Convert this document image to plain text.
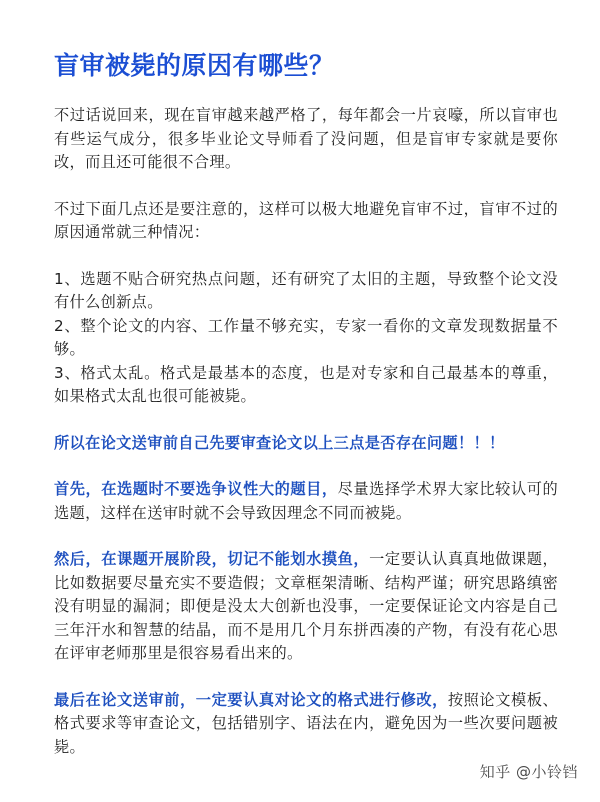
盲审被毙的原因有哪些？

不过话说回来，现在盲审越来越严格了，每年都会一片哀嚎，所以盲审也有些运气成分，很多毕业论文导师看了没问题，但是盲审专家就是要你改，而且还可能很不合理。

不过下面几点还是要注意的，这样可以极大地避免盲审不过，盲审不过的原因通常就三种情况：

1、选题不贴合研究热点问题，还有研究了太旧的主题，导致整个论文没有什么创新点。

2、整个论文的内容、工作量不够充实，专家一看你的文章发现数据量不够。

3、格式太乱。格式是最基本的态度，也是对专家和自己最基本的尊重，如果格式太乱也很可能被毙。

所以在论文送审前自己先要审查论文以上三点是否存在问题！！！

首先，在选题时不要选争议性大的题目，尽量选择学术界大家比较认可的选题，这样在送审时就不会导致因理念不同而被毙。

然后，在课题开展阶段，切记不能划水摸鱼，一定要认认真真地做课题，比如数据要尽量充实不要造假；文章框架清晰、结构严谨；研究思路缜密没有明显的漏洞；即便是没太大创新也没事，一定要保证论文内容是自己三年汗水和智慧的结晶，而不是用几个月东拼西凑的产物，有没有花心思在评审老师那里是很容易看出来的。

最后在论文送审前，一定要认真对论文的格式进行修改，按照论文模板、格式要求等审查论文，包括错别字、语法在内，避免因为一些次要问题被毙。

知乎 @小铃铛
